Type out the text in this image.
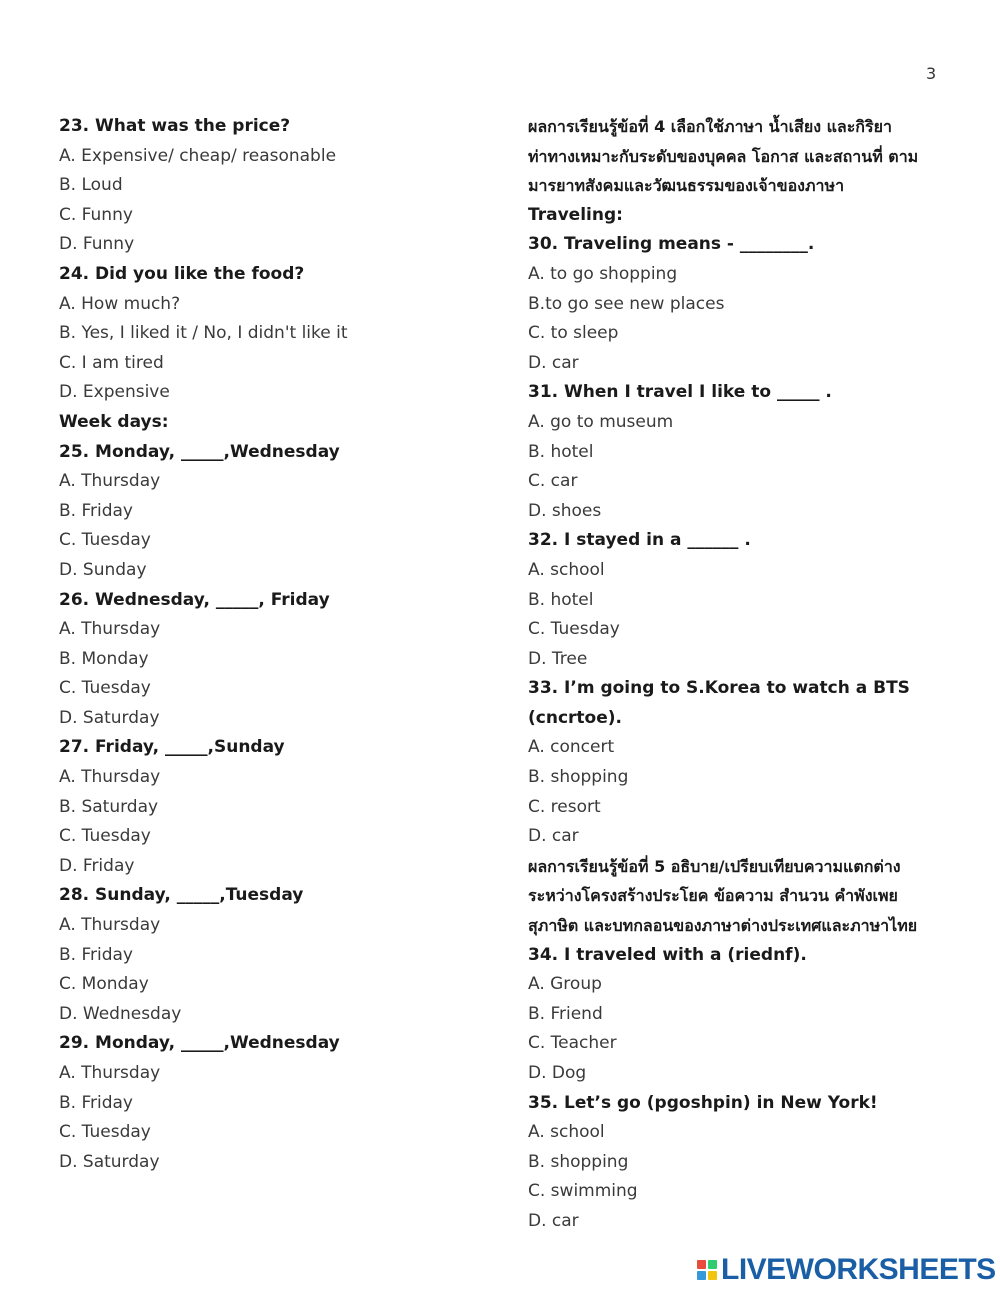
3
23. What was the price?
A. Expensive/ cheap/ reasonable
B. Loud
C. Funny
D. Funny
24. Did you like the food?
A. How much?
B. Yes, I liked it / No, I didn't like it
C. I am tired
D. Expensive
Week days:
25. Monday, _____,Wednesday
A. Thursday
B. Friday
C. Tuesday
D. Sunday
26. Wednesday, _____, Friday
A. Thursday
B. Monday
C. Tuesday
D. Saturday
27. Friday, _____,Sunday
A. Thursday
B. Saturday
C. Tuesday
D. Friday
28. Sunday, _____,Tuesday
A. Thursday
B. Friday
C. Monday
D. Wednesday
29. Monday, _____,Wednesday
A. Thursday
B. Friday
C. Tuesday
D. Saturday
ผลการเรียนรู้ข้อที่ 4 เลือกใช้ภาษา น้ำเสียง และกิริยา
ท่าทางเหมาะกับระดับของบุคคล โอกาส และสถานที่ ตาม
มารยาทสังคมและวัฒนธรรมของเจ้าของภาษา
Traveling:
30. Traveling means - ________.
A. to go shopping
B.to go see new places
C. to sleep
D. car
31. When I travel I like to _____ .
A. go to museum
B. hotel
C. car
D. shoes
32. I stayed in a ______ .
A. school
B. hotel
C. Tuesday
D. Tree
33. I’m going to S.Korea to watch a BTS
(cncrtoe).
A. concert
B. shopping
C. resort
D. car
ผลการเรียนรู้ข้อที่ 5 อธิบาย/เปรียบเทียบความแตกต่าง
ระหว่างโครงสร้างประโยค ข้อความ สำนวน คำพังเพย
สุภาษิต และบทกลอนของภาษาต่างประเทศและภาษาไทย
34. I traveled with a (riednf).
A. Group
B. Friend
C. Teacher
D. Dog
35. Let’s go (pgoshpin) in New York!
A. school
B. shopping
C. swimming
D. car
LIVEWORKSHEETS
